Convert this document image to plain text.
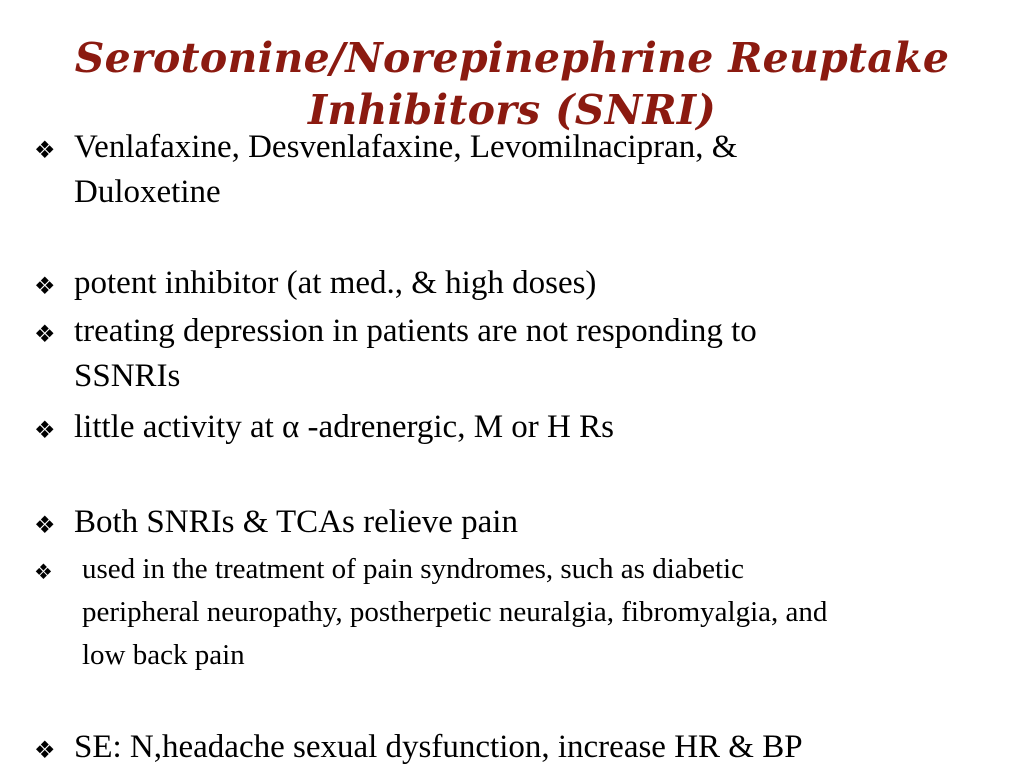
Serotonine/Norepinephrine Reuptake
Inhibitors (SNRI)
❖ Venlafaxine, Desvenlafaxine, Levomilnacipran, &
Duloxetine
❖ potent inhibitor (at med., & high doses)
❖ treating depression in patients are not responding to
SSNRIs
❖ little activity at α -adrenergic, M or H Rs
❖ Both SNRIs & TCAs relieve pain
❖	used in the treatment of pain syndromes, such as diabetic
peripheral neuropathy, postherpetic neuralgia, fibromyalgia, and
low back pain
❖ SE: N,headache sexual dysfunction, increase HR & BP
